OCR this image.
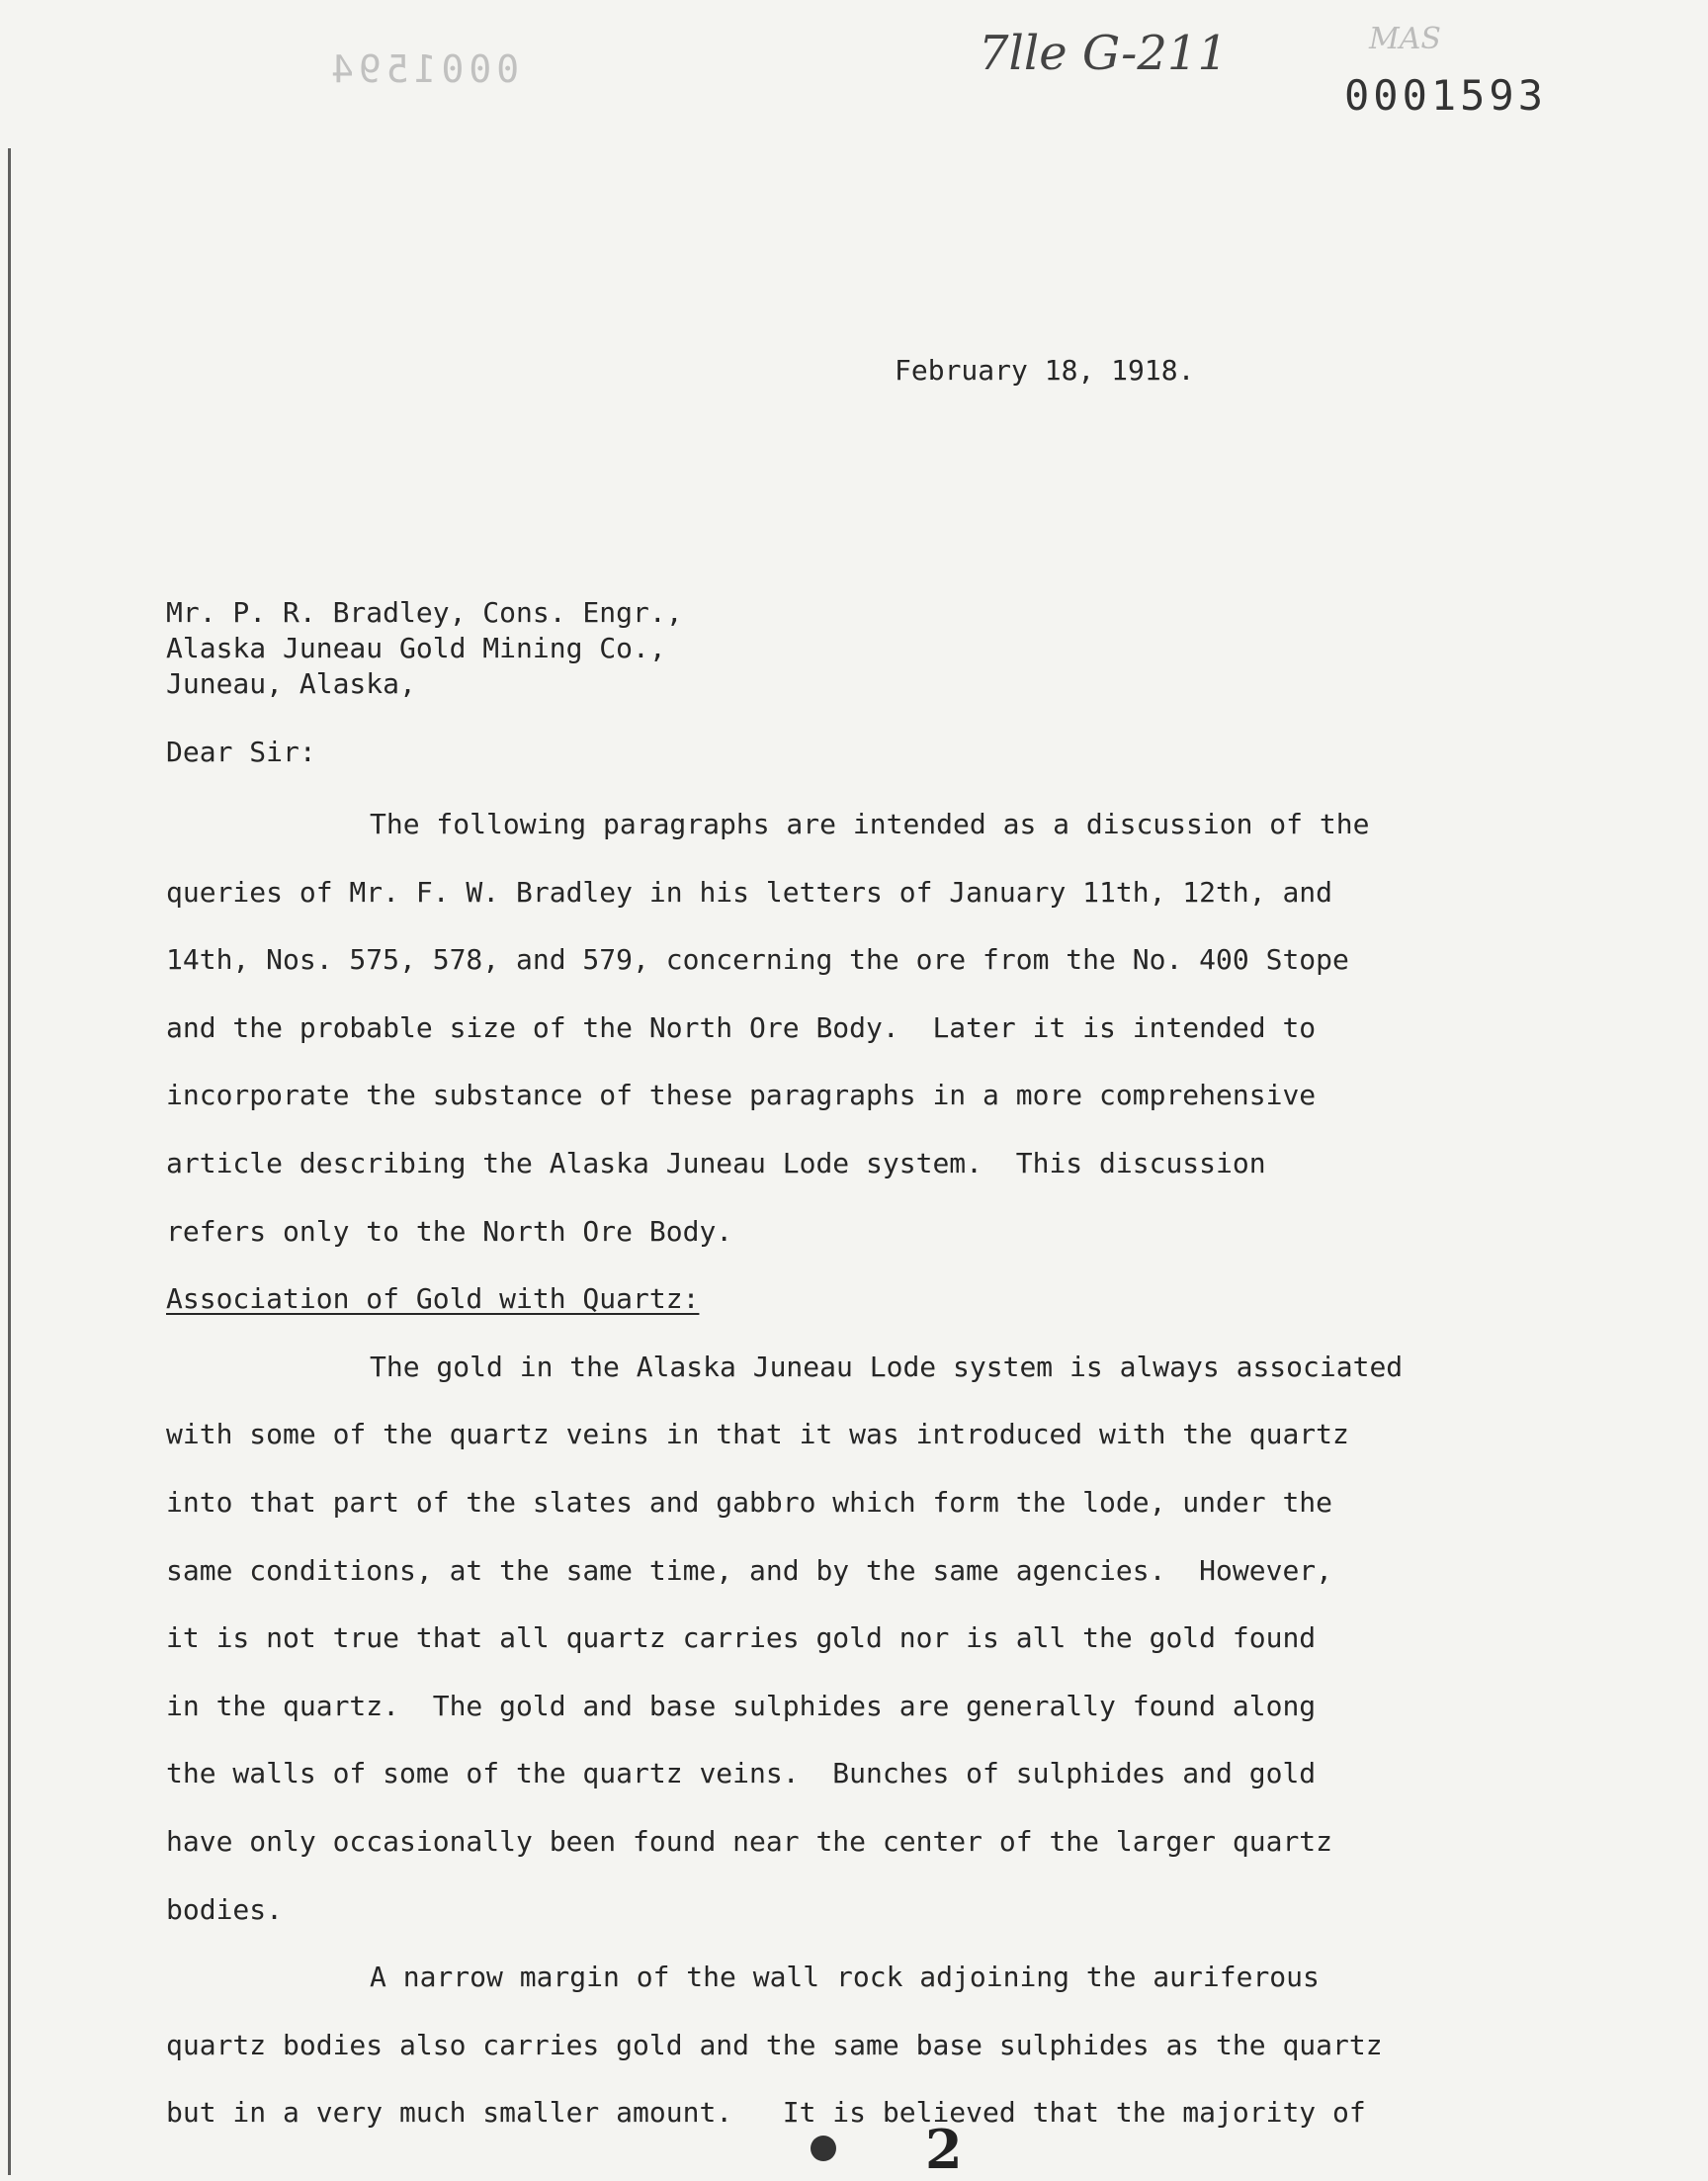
0001594	7lle G-211	MAS
0001593
February 18, 1918.
Mr. P. R. Bradley, Cons. Engr.,
Alaska Juneau Gold Mining Co.,
Juneau, Alaska,
Dear Sir:
The following paragraphs are intended as a discussion of the
queries of Mr. F. W. Bradley in his letters of January 11th, 12th, and
14th, Nos. 575, 578, and 579, concerning the ore from the No. 400 Stope
and the probable size of the North Ore Body.  Later it is intended to
incorporate the substance of these paragraphs in a more comprehensive
article describing the Alaska Juneau Lode system.  This discussion
refers only to the North Ore Body.
Association of Gold with Quartz:
The gold in the Alaska Juneau Lode system is always associated
with some of the quartz veins in that it was introduced with the quartz
into that part of the slates and gabbro which form the lode, under the
same conditions, at the same time, and by the same agencies.  However,
it is not true that all quartz carries gold nor is all the gold found
in the quartz.  The gold and base sulphides are generally found along
the walls of some of the quartz veins.  Bunches of sulphides and gold
have only occasionally been found near the center of the larger quartz
bodies.
A narrow margin of the wall rock adjoining the auriferous
quartz bodies also carries gold and the same base sulphides as the quartz
but in a very much smaller amount.   It is believed that the majority of
2
